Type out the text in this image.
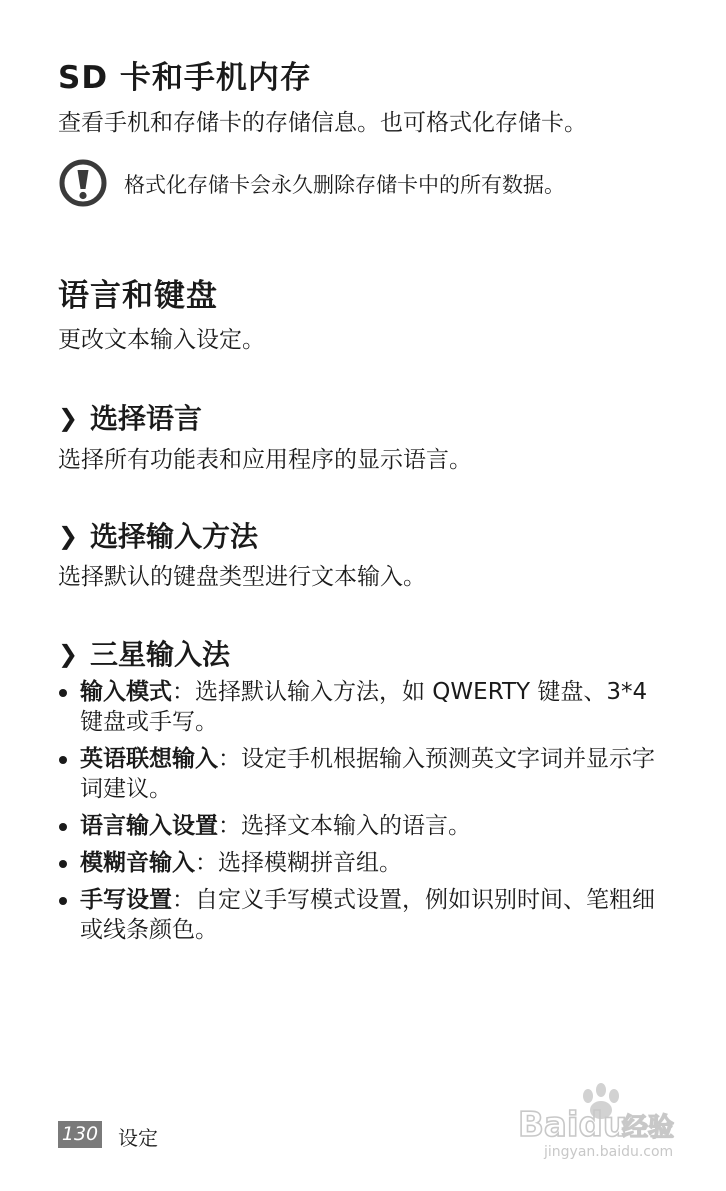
SD 卡和手机内存
查看手机和存储卡的存储信息。也可格式化存储卡。
格式化存储卡会永久删除存储卡中的所有数据。
语言和键盘
更改文本输入设定。
❯ 选择语言
选择所有功能表和应用程序的显示语言。
❯ 选择输入方法
选择默认的键盘类型进行文本输入。
❯ 三星输入法
输入模式：选择默认输入方法，如 QWERTY 键盘、3*4键盘或手写。
英语联想输入：设定手机根据输入预测英文字词并显示字词建议。
语言输入设置：选择文本输入的语言。
模糊音输入：选择模糊拼音组。
手写设置：自定义手写模式设置，例如识别时间、笔粗细或线条颜色。
130 设定	Baidu
经验
jingyan.baidu.com
